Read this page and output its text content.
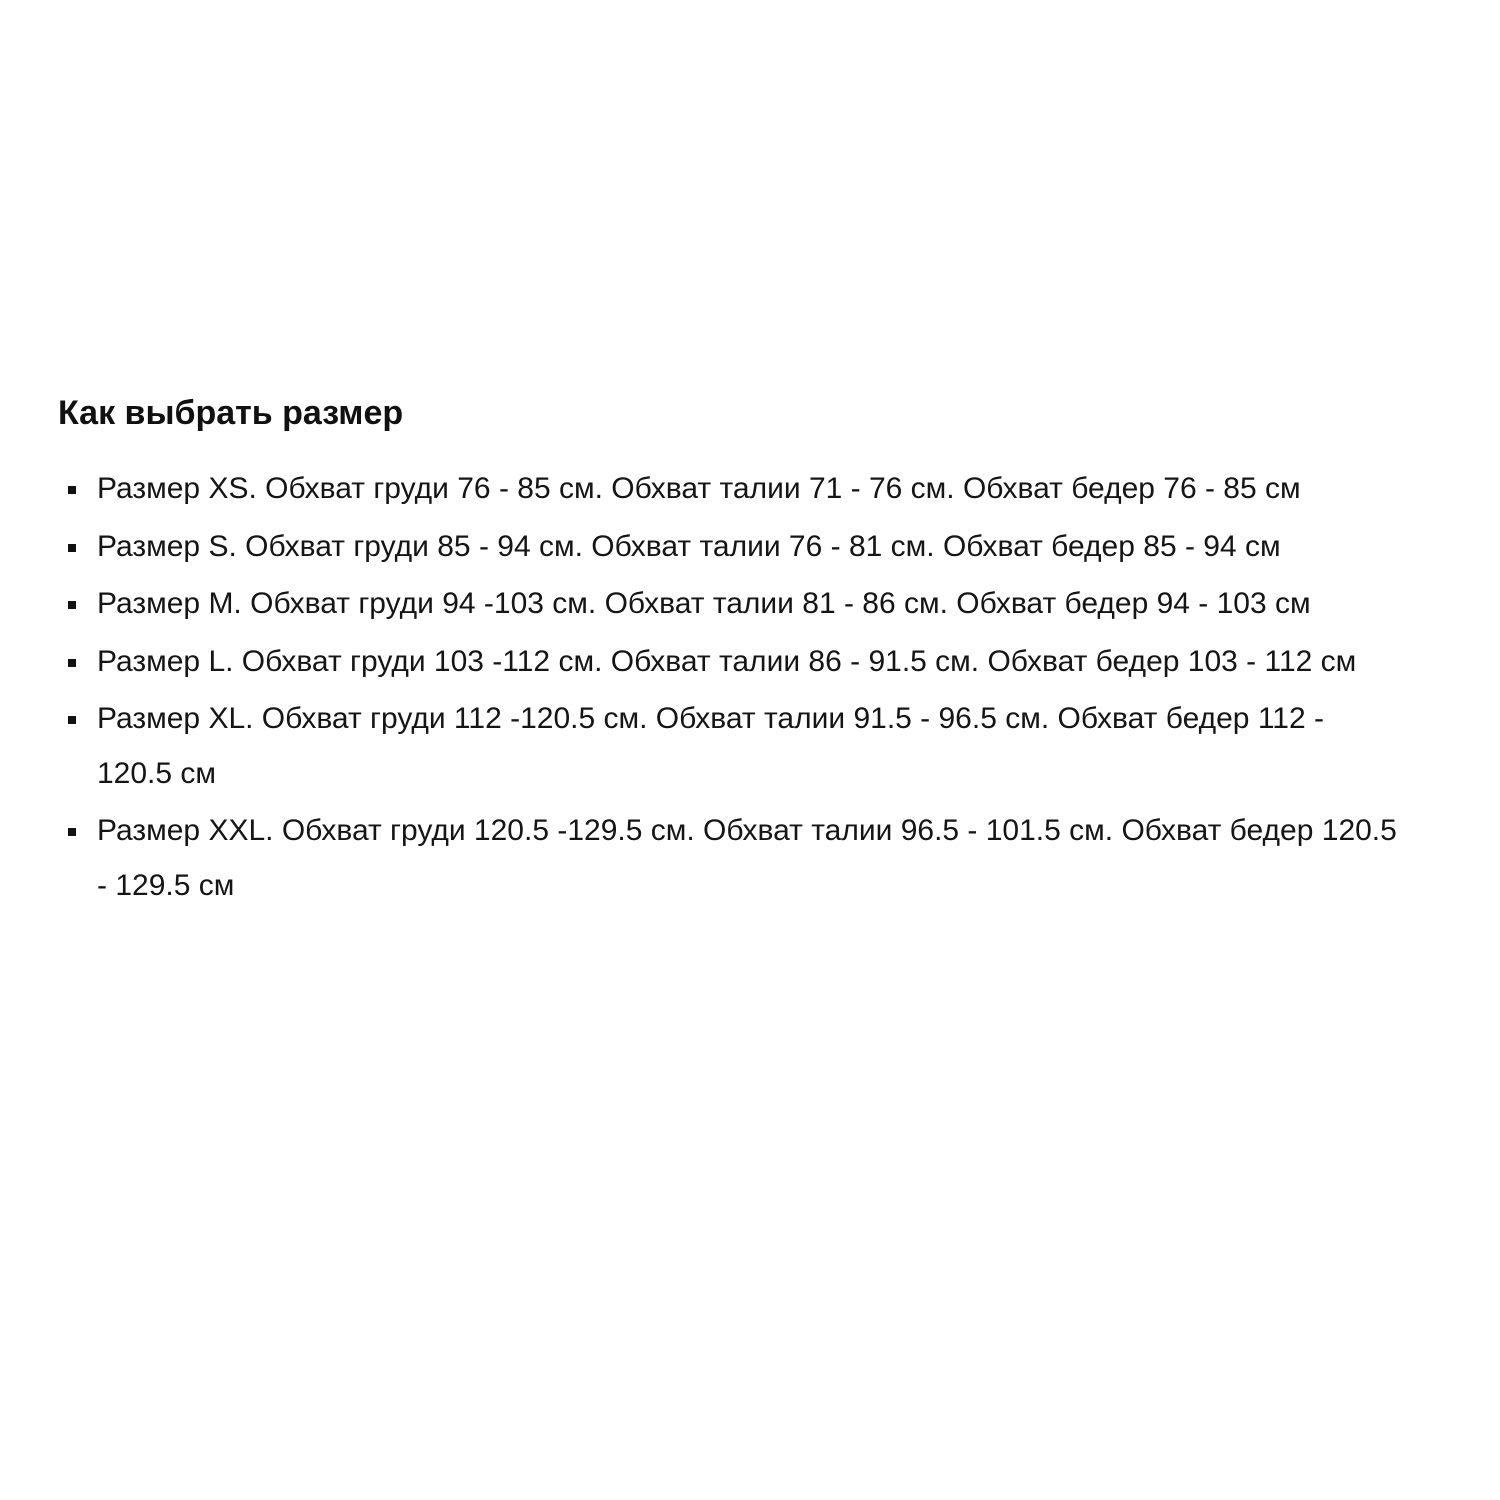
Как выбрать размер
Размер XS. Обхват груди 76 - 85 см. Обхват талии 71 - 76 см. Обхват бедер 76 - 85 см
Размер S. Обхват груди 85 - 94 см. Обхват талии 76 - 81 см. Обхват бедер 85 - 94 см
Размер M. Обхват груди 94 -103 см. Обхват талии 81 - 86 см. Обхват бедер 94 - 103 см
Размер L. Обхват груди 103 -112 см. Обхват талии 86 - 91.5 см. Обхват бедер 103 - 112 см
Размер XL. Обхват груди 112 -120.5 см. Обхват талии 91.5 - 96.5 см. Обхват бедер 112 - 120.5 см
Размер XXL. Обхват груди 120.5 -129.5 см. Обхват талии 96.5 - 101.5 см. Обхват бедер 120.5 - 129.5 см
